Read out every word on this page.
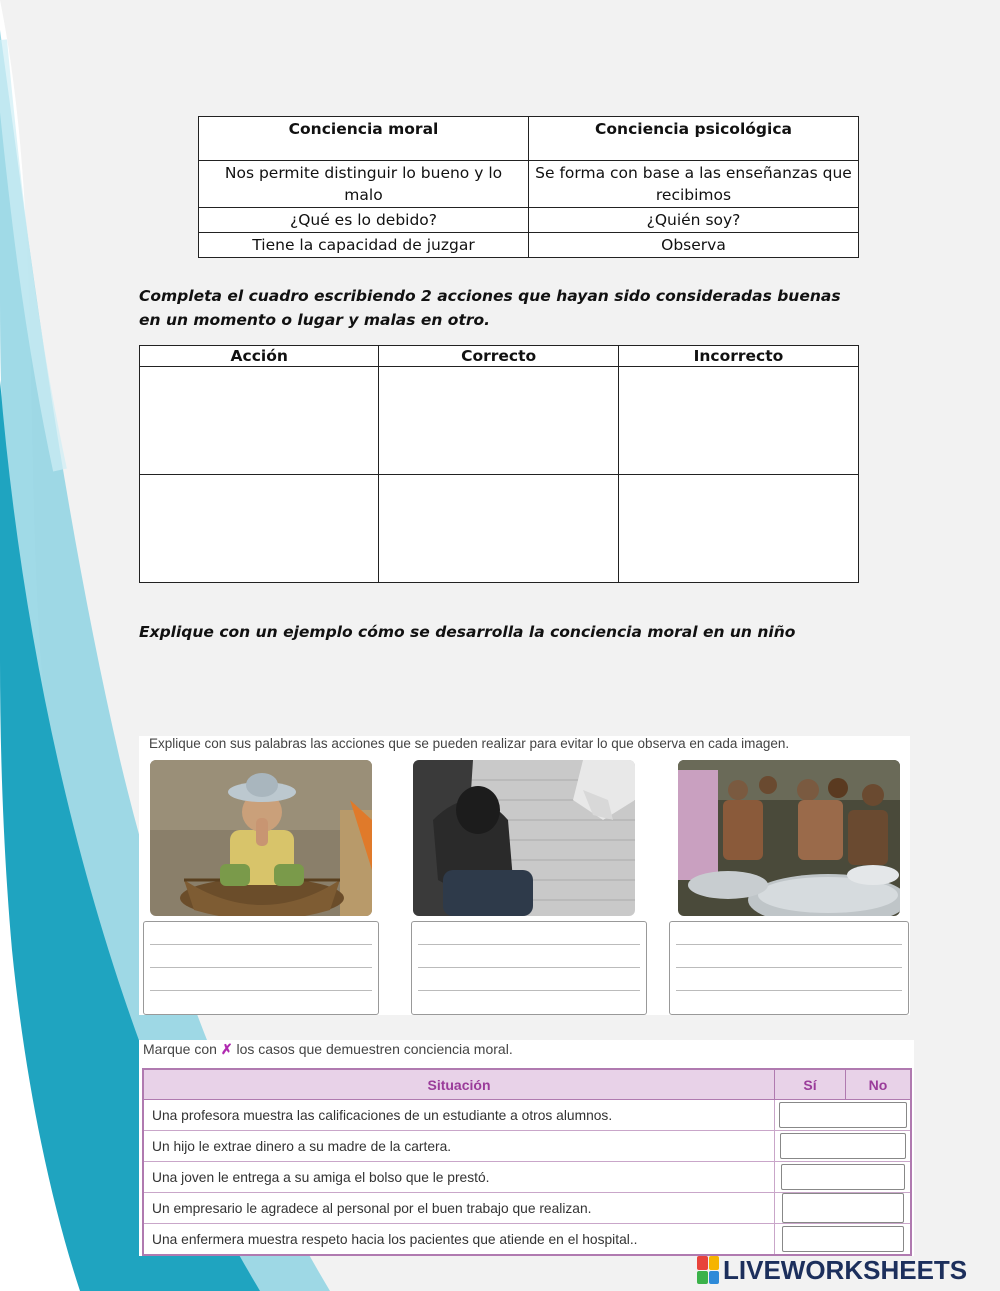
Conciencia moral	Conciencia psicológica
Nos permite distinguir lo bueno y lo malo	Se forma con base a las enseñanzas que recibimos
¿Qué es lo debido?	¿Quién soy?
Tiene la capacidad de juzgar	Observa
Completa el cuadro escribiendo 2 acciones que hayan sido consideradas buenas en un momento o lugar y malas en otro.
Acción	Correcto	Incorrecto

Explique con un ejemplo cómo se desarrolla la conciencia moral en un niño
Explique con sus palabras las acciones que se pueden realizar para evitar lo que observa en cada imagen.
Marque con ✗ los casos que demuestren conciencia moral.
Situación	Sí	No
Una profesora muestra las calificaciones de un estudiante a otros alumnos.		

Un hijo le extrae dinero a su madre de la cartera.		

Una joven le entrega a su amiga el bolso que le prestó.		

Un empresario le agradece al personal por el buen trabajo que realizan.		

Una enfermera muestra respeto hacia los pacientes que atiende en el hospital..		
LIVEWORKSHEETS
